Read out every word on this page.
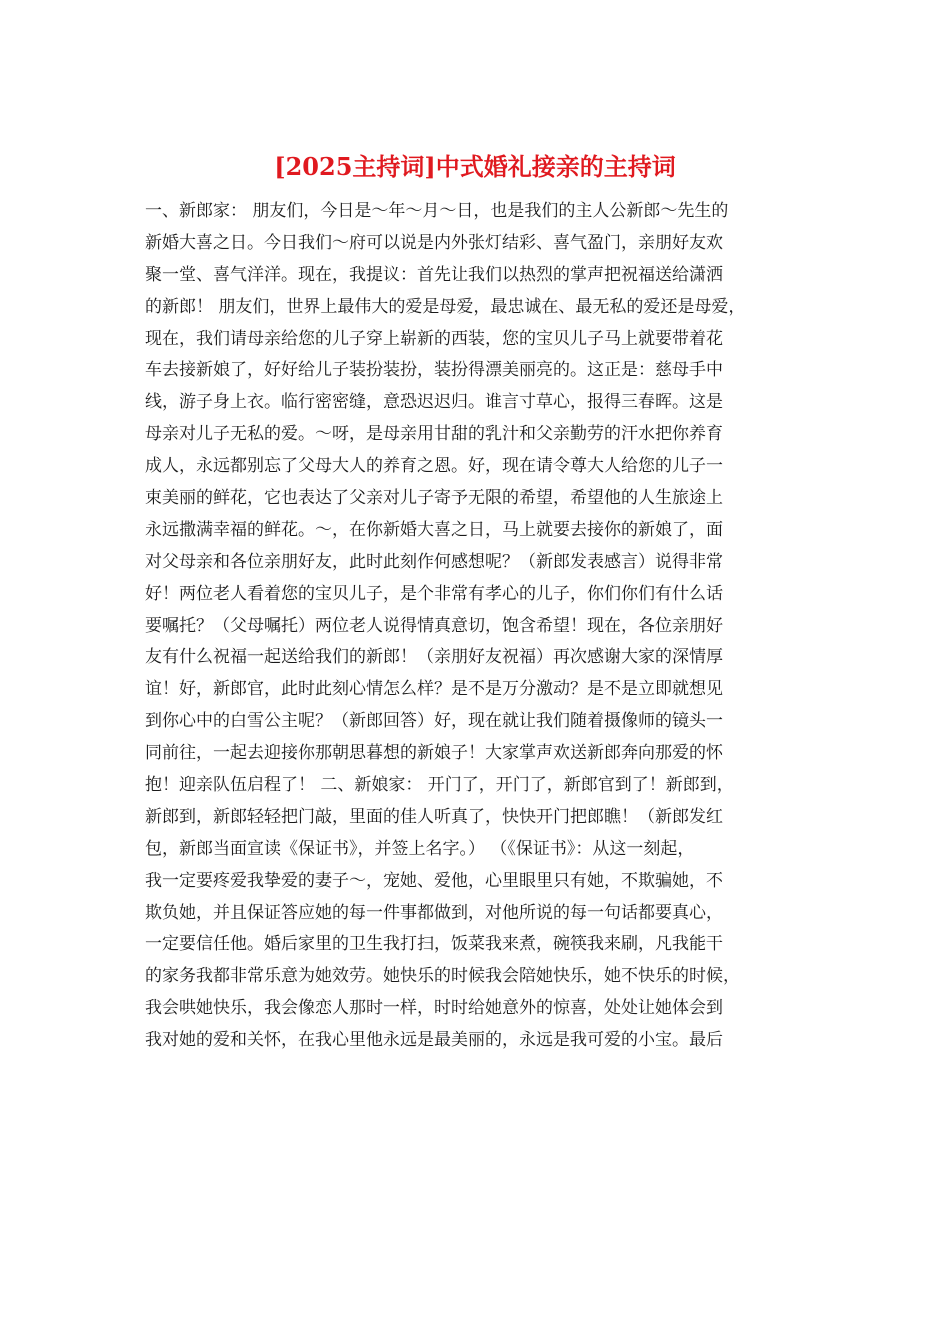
[2025主持词]中式婚礼接亲的主持词
一、新郎家： 朋友们，今日是～年～月～日，也是我们的主人公新郎～先生的
新婚大喜之日。今日我们～府可以说是内外张灯结彩、喜气盈门，亲朋好友欢
聚一堂、喜气洋洋。现在，我提议：首先让我们以热烈的掌声把祝福送给潇洒
的新郎！ 朋友们，世界上最伟大的爱是母爱，最忠诚在、最无私的爱还是母爱，
现在，我们请母亲给您的儿子穿上崭新的西装，您的宝贝儿子马上就要带着花
车去接新娘了，好好给儿子装扮装扮，装扮得漂美丽亮的。这正是：慈母手中
线，游子身上衣。临行密密缝，意恐迟迟归。谁言寸草心，报得三春晖。这是
母亲对儿子无私的爱。～呀，是母亲用甘甜的乳汁和父亲勤劳的汗水把你养育
成人，永远都别忘了父母大人的养育之恩。好，现在请令尊大人给您的儿子一
束美丽的鲜花，它也表达了父亲对儿子寄予无限的希望，希望他的人生旅途上
永远撒满幸福的鲜花。～，在你新婚大喜之日，马上就要去接你的新娘了，面
对父母亲和各位亲朋好友，此时此刻作何感想呢？（新郎发表感言）说得非常
好！两位老人看着您的宝贝儿子，是个非常有孝心的儿子，你们你们有什么话
要嘱托？（父母嘱托）两位老人说得情真意切，饱含希望！现在，各位亲朋好
友有什么祝福一起送给我们的新郎！（亲朋好友祝福）再次感谢大家的深情厚
谊！好，新郎官，此时此刻心情怎么样？是不是万分激动？是不是立即就想见
到你心中的白雪公主呢？（新郎回答）好，现在就让我们随着摄像师的镜头一
同前往，一起去迎接你那朝思暮想的新娘子！大家掌声欢送新郎奔向那爱的怀
抱！迎亲队伍启程了！ 二、新娘家： 开门了，开门了，新郎官到了！新郎到，
新郎到，新郎轻轻把门敲，里面的佳人听真了，快快开门把郎瞧！（新郎发红
包，新郎当面宣读《保证书》，并签上名字。） （《保证书》：从这一刻起，
我一定要疼爱我挚爱的妻子～，宠她、爱他，心里眼里只有她，不欺骗她，不
欺负她，并且保证答应她的每一件事都做到，对他所说的每一句话都要真心，
一定要信任他。婚后家里的卫生我打扫，饭菜我来煮，碗筷我来刷，凡我能干
的家务我都非常乐意为她效劳。她快乐的时候我会陪她快乐，她不快乐的时候，
我会哄她快乐，我会像恋人那时一样，时时给她意外的惊喜，处处让她体会到
我对她的爱和关怀，在我心里他永远是最美丽的，永远是我可爱的小宝。最后
